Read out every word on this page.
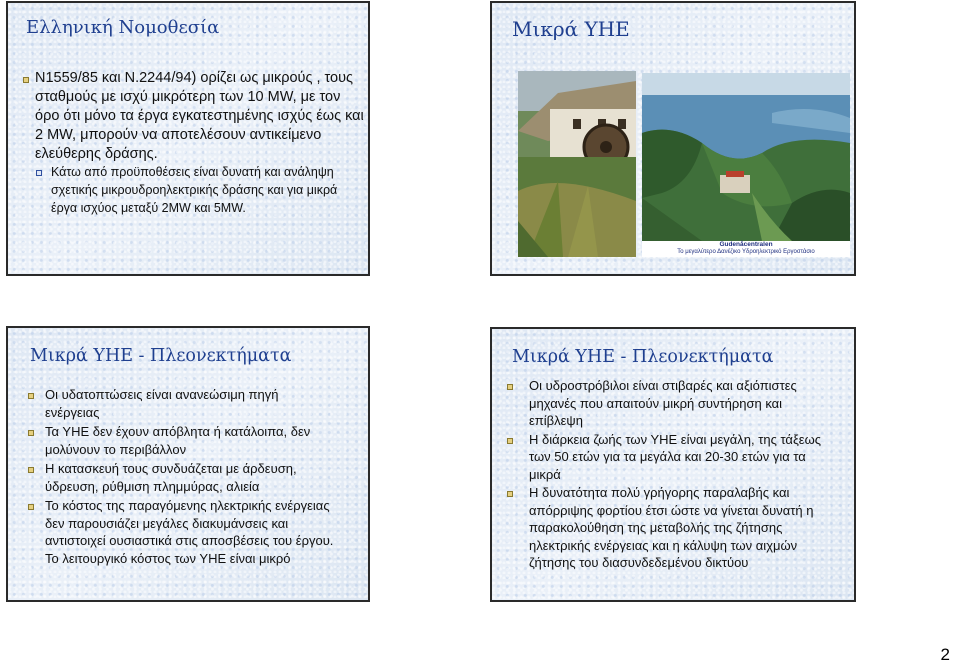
Ελληνική Νομοθεσία
Ν1559/85 και Ν.2244/94) ορίζει ως μικρούς , τους σταθμούς με ισχύ μικρότερη των 10 MW, με τον όρο ότι μόνο τα έργα εγκατεστημένης ισχύς έως και 2 MW, μπορούν να αποτελέσουν αντικείμενο ελεύθερης δράσης.
Κάτω από προϋποθέσεις είναι δυνατή και ανάληψη σχετικής μικρουδροηλεκτρικής δράσης και για μικρά έργα ισχύος μεταξύ 2MW και 5MW.
Μικρά ΥΗΕ
Gudenåcentralen
Το μεγαλύτερο Δανέζικο Υδροηλεκτρικό Εργοστάσιο
Μικρά ΥΗΕ - Πλεονεκτήματα
Οι υδατοπτώσεις είναι ανανεώσιμη πηγή
ενέργειας
Τα ΥΗΕ δεν έχουν απόβλητα ή κατάλοιπα, δεν
μολύνουν το περιβάλλον
Η κατασκευή τους συνδυάζεται με άρδευση,
ύδρευση, ρύθμιση πλημμύρας, αλιεία
Το κόστος της παραγόμενης ηλεκτρικής ενέργειας
δεν παρουσιάζει μεγάλες διακυμάνσεις και
αντιστοιχεί ουσιαστικά στις αποσβέσεις του έργου.
Το λειτουργικό κόστος των ΥΗΕ είναι μικρό
Μικρά ΥΗΕ - Πλεονεκτήματα
Οι υδροστρόβιλοι είναι στιβαρές και αξιόπιστες
μηχανές που απαιτούν μικρή συντήρηση και
επίβλεψη
Η διάρκεια ζωής των ΥΗΕ είναι μεγάλη, της τάξεως
των 50 ετών για τα μεγάλα και 20-30 ετών για τα
μικρά
Η δυνατότητα πολύ γρήγορης παραλαβής και
απόρριψης φορτίου έτσι ώστε να γίνεται δυνατή η
παρακολούθηση της μεταβολής της ζήτησης
ηλεκτρικής ενέργειας και η κάλυψη των αιχμών
ζήτησης του διασυνδεδεμένου δικτύου
2
